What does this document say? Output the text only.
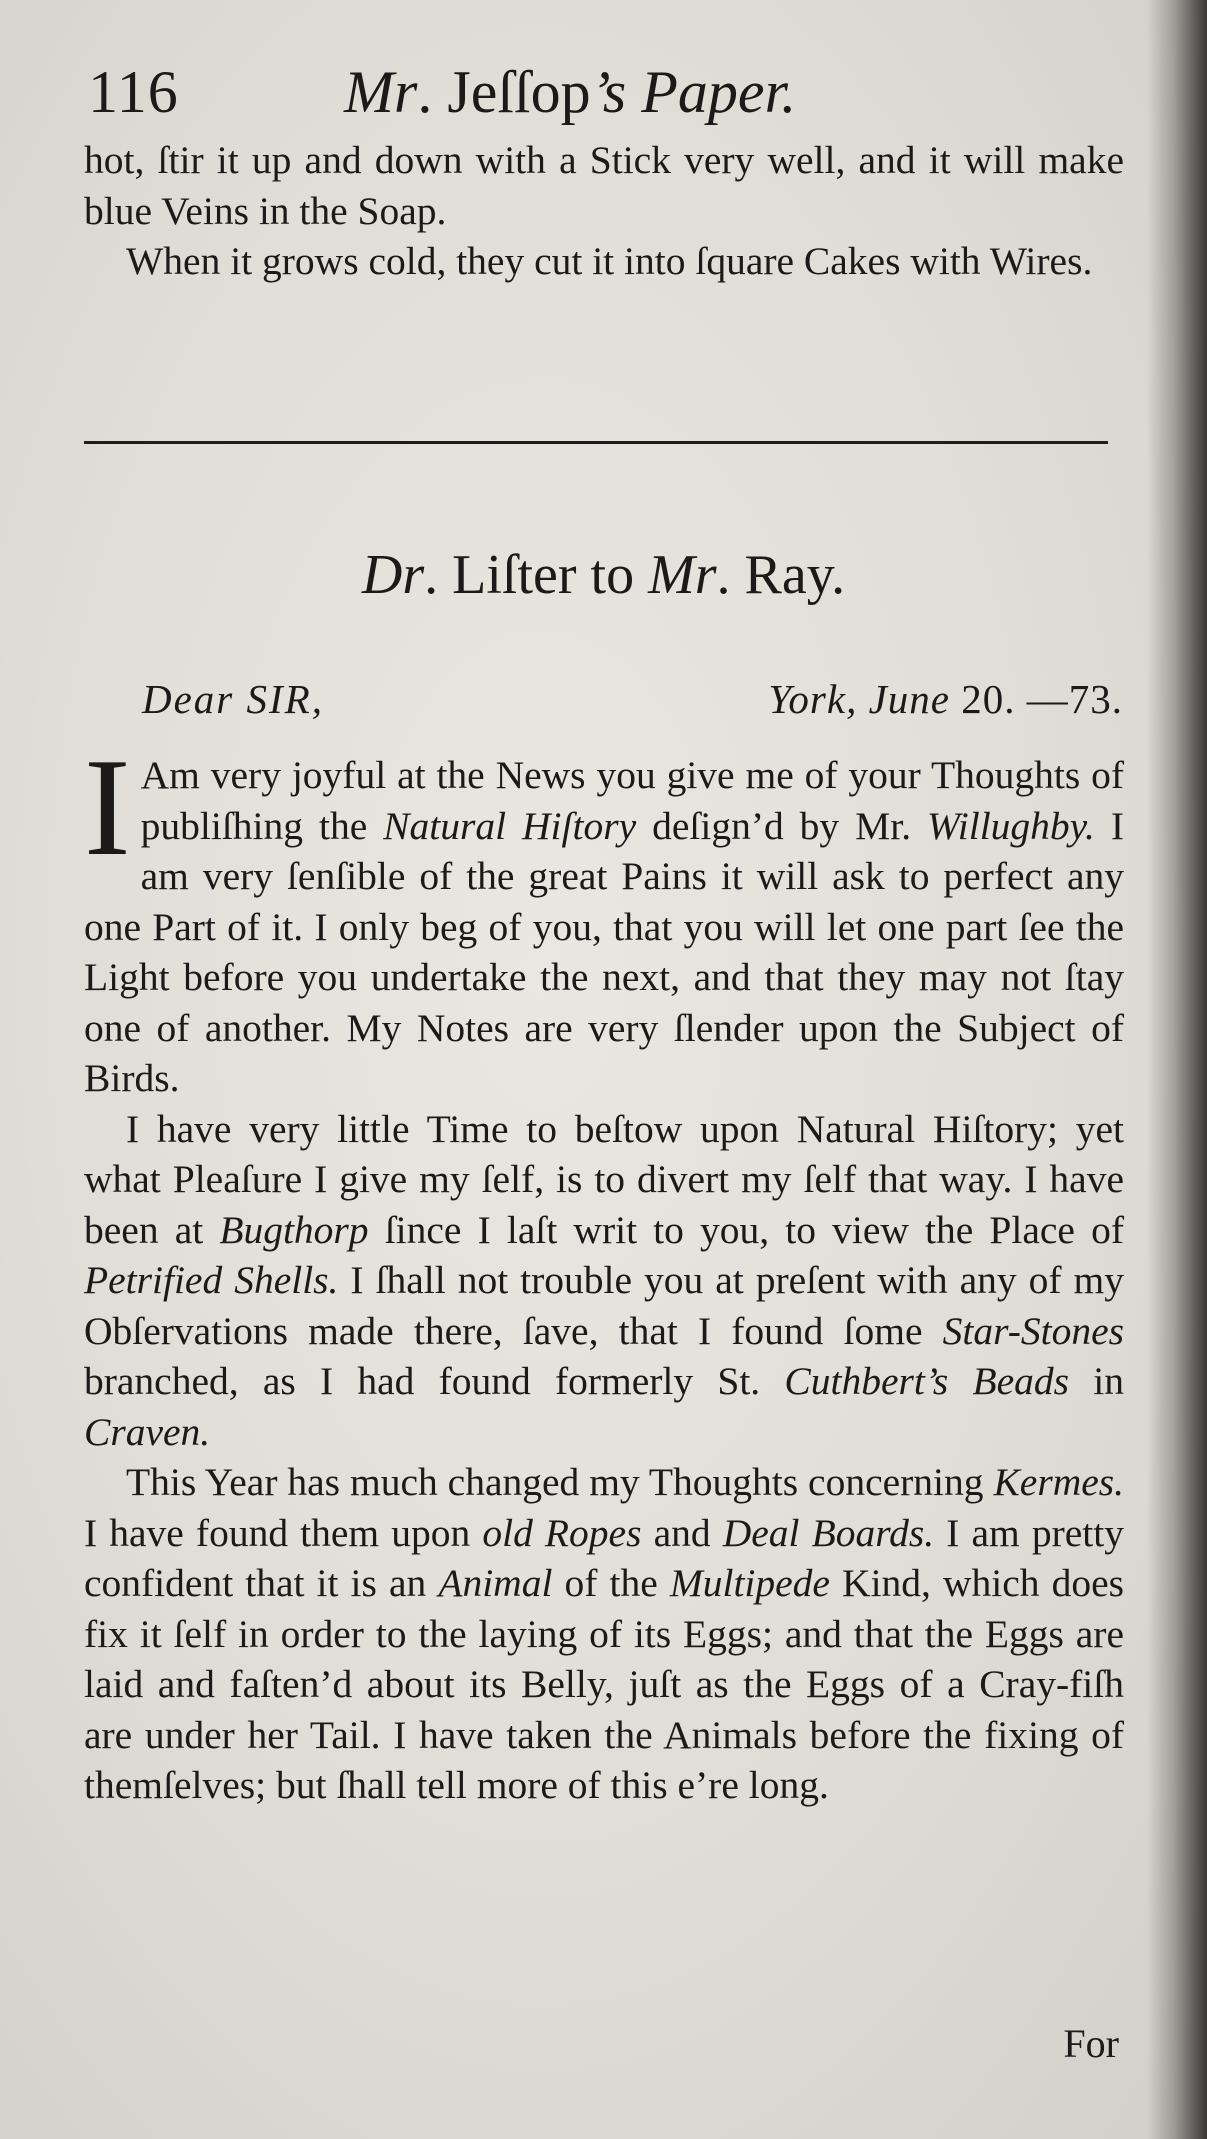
116	Mr. Jeſſop’s Paper.

hot, ſtir it up and down with a Stick very well, and it will make blue Veins in the Soap.

When it grows cold, they cut it into ſquare Cakes with Wires.

Dr. Liſter to Mr. Ray.
Dear SIR,	York, June 20. —73.

I Am very joyful at the News you give me of your Thoughts of publiſhing the Natural Hiſtory deſign’d by Mr. Willughby. I am very ſenſible of the great Pains it will ask to perfect any one Part of it. I only beg of you, that you will let one part ſee the Light before you undertake the next, and that they may not ſtay one of another. My Notes are very ſlender upon the Subject of Birds.

I have very little Time to beſtow upon Natural Hiſtory; yet what Pleaſure I give my ſelf, is to divert my ſelf that way. I have been at Bugthorp ſince I laſt writ to you, to view the Place of Petrified Shells. I ſhall not trouble you at preſent with any of my Obſervations made there, ſave, that I found ſome Star-Stones branched, as I had found formerly St. Cuthbert’s Beads in Craven.

This Year has much changed my Thoughts concerning Kermes. I have found them upon old Ropes and Deal Boards. I am pretty confident that it is an Animal of the Multipede Kind, which does fix it ſelf in order to the laying of its Eggs; and that the Eggs are laid and faſten’d about its Belly, juſt as the Eggs of a Cray-fiſh are under her Tail. I have taken the Animals before the fixing of themſelves; but ſhall tell more of this e’re long.

For
